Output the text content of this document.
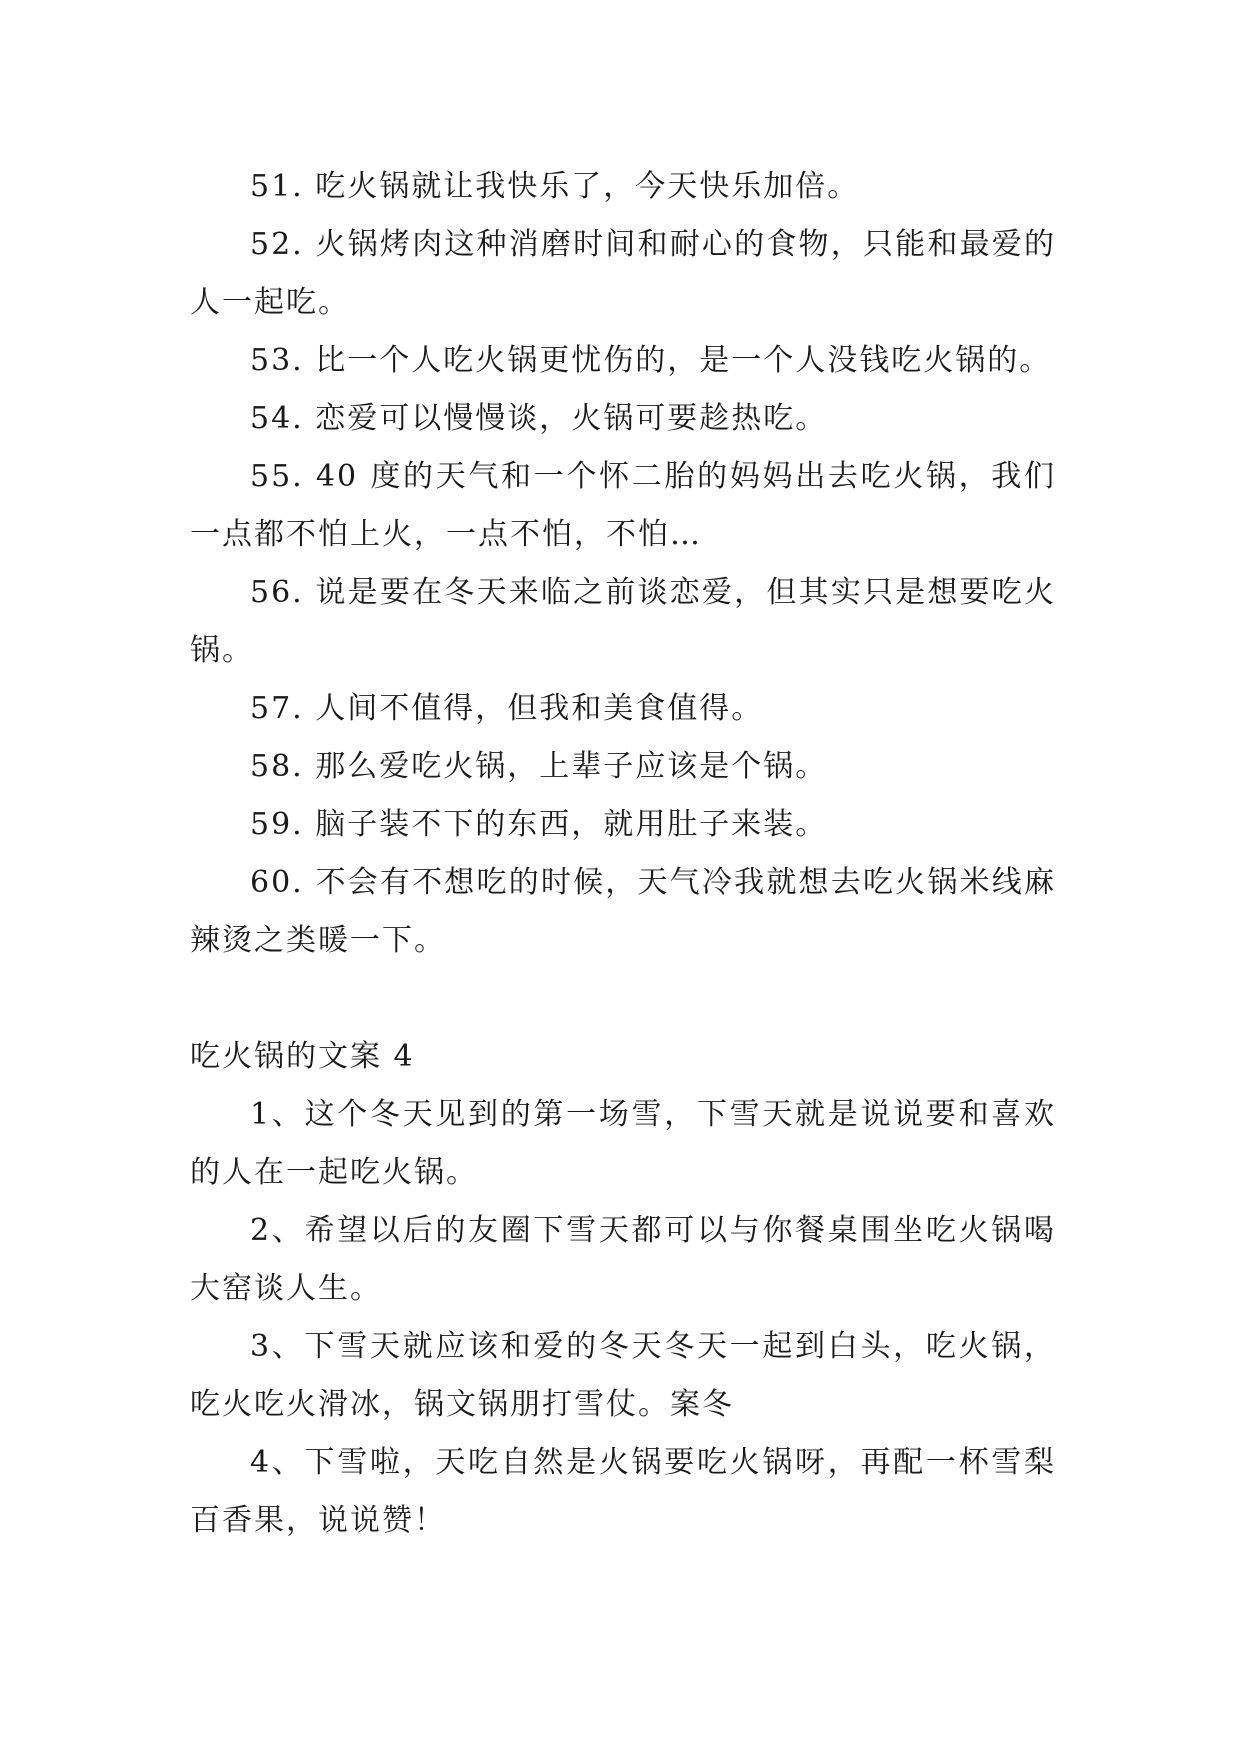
51. 吃火锅就让我快乐了，今天快乐加倍。

52. 火锅烤肉这种消磨时间和耐心的食物，只能和最爱的人一起吃。

53. 比一个人吃火锅更忧伤的，是一个人没钱吃火锅的。

54. 恋爱可以慢慢谈，火锅可要趁热吃。

55. 40 度的天气和一个怀二胎的妈妈出去吃火锅，我们一点都不怕上火，一点不怕，不怕…

56. 说是要在冬天来临之前谈恋爱，但其实只是想要吃火锅。

57. 人间不值得，但我和美食值得。

58. 那么爱吃火锅，上辈子应该是个锅。

59. 脑子装不下的东西，就用肚子来装。

60. 不会有不想吃的时候，天气冷我就想去吃火锅米线麻辣烫之类暖一下。

吃火锅的文案 4

1、这个冬天见到的第一场雪，下雪天就是说说要和喜欢的人在一起吃火锅。

2、希望以后的友圈下雪天都可以与你餐桌围坐吃火锅喝大窑谈人生。

3、下雪天就应该和爱的冬天冬天一起到白头，吃火锅，吃火吃火滑冰，锅文锅朋打雪仗。案冬

4、下雪啦，天吃自然是火锅要吃火锅呀，再配一杯雪梨百香果，说说赞！
